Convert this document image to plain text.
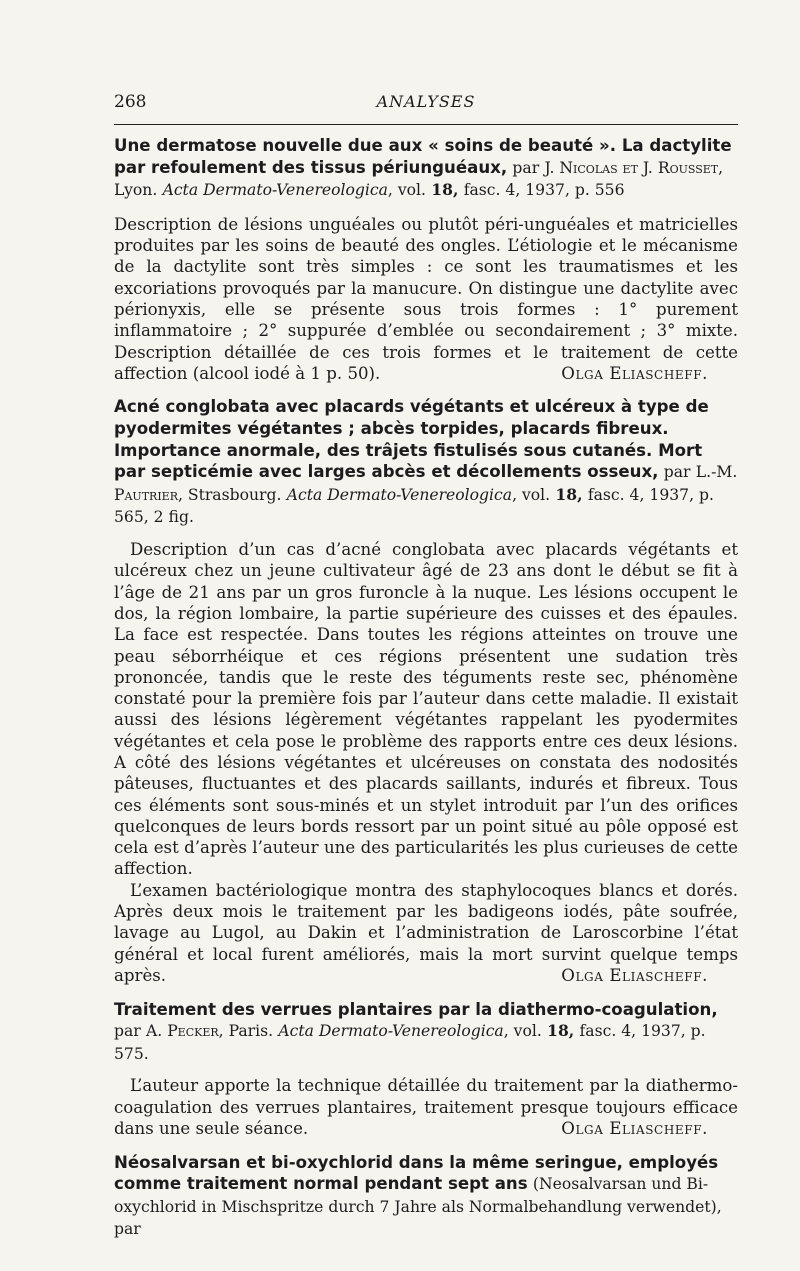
268	ANALYSES
Une dermatose nouvelle due aux « soins de beauté ». La dactylite par refoulement des tissus périunguéaux, par J. Nicolas et J. Rousset, Lyon. Acta Dermato-Venereologica, vol. 18, fasc. 4, 1937, p. 556

Description de lésions unguéales ou plutôt péri-unguéales et matricielles produites par les soins de beauté des ongles. L’étiologie et le mécanisme de la dactylite sont très simples : ce sont les traumatismes et les excoriations provoqués par la manucure. On distingue une dactylite avec périonyxis, elle se présente sous trois formes : 1° purement inflammatoire ; 2° suppurée d’emblée ou secondairement ; 3° mixte. Description détaillée de ces trois formes et le traitement de cette affection (alcool iodé à 1 p. 50).	Olga Eliascheff.
Acné conglobata avec placards végétants et ulcéreux à type de pyodermites végétantes ; abcès torpides, placards fibreux. Importance anormale, des trâjets fistulisés sous cutanés. Mort par septicémie avec larges abcès et décollements osseux, par L.-M. Pautrier, Strasbourg. Acta Dermato-Venereologica, vol. 18, fasc. 4, 1937, p. 565, 2 fig.

Description d’un cas d’acné conglobata avec placards végétants et ulcéreux chez un jeune cultivateur âgé de 23 ans dont le début se fit à l’âge de 21 ans par un gros furoncle à la nuque. Les lésions occupent le dos, la région lombaire, la partie supérieure des cuisses et des épaules. La face est respectée. Dans toutes les régions atteintes on trouve une peau séborrhéique et ces régions présentent une sudation très prononcée, tandis que le reste des téguments reste sec, phénomène constaté pour la première fois par l’auteur dans cette maladie. Il existait aussi des lésions légèrement végétantes rappelant les pyodermites végétantes et cela pose le problème des rapports entre ces deux lésions. A côté des lésions végétantes et ulcéreuses on constata des nodosités pâteuses, fluctuantes et des placards saillants, indurés et fibreux. Tous ces éléments sont sous-minés et un stylet introduit par l’un des orifices quelconques de leurs bords ressort par un point situé au pôle opposé est cela est d’après l’auteur une des particularités les plus curieuses de cette affection.

L’examen bactériologique montra des staphylocoques blancs et dorés. Après deux mois le traitement par les badigeons iodés, pâte soufrée, lavage au Lugol, au Dakin et l’administration de Laroscorbine l’état général et local furent améliorés, mais la mort survint quelque temps après.	Olga Eliascheff.
Traitement des verrues plantaires par la diathermo-coagulation, par A. Pecker, Paris. Acta Dermato-Venereologica, vol. 18, fasc. 4, 1937, p. 575.

L’auteur apporte la technique détaillée du traitement par la diathermo-coagulation des verrues plantaires, traitement presque toujours efficace dans une seule séance.	Olga Eliascheff.
Néosalvarsan et bi-oxychlorid dans la même seringue, employés comme traitement normal pendant sept ans (Neosalvarsan und Bi-oxychlorid in Mischspritze durch 7 Jahre als Normalbehandlung verwendet), par
